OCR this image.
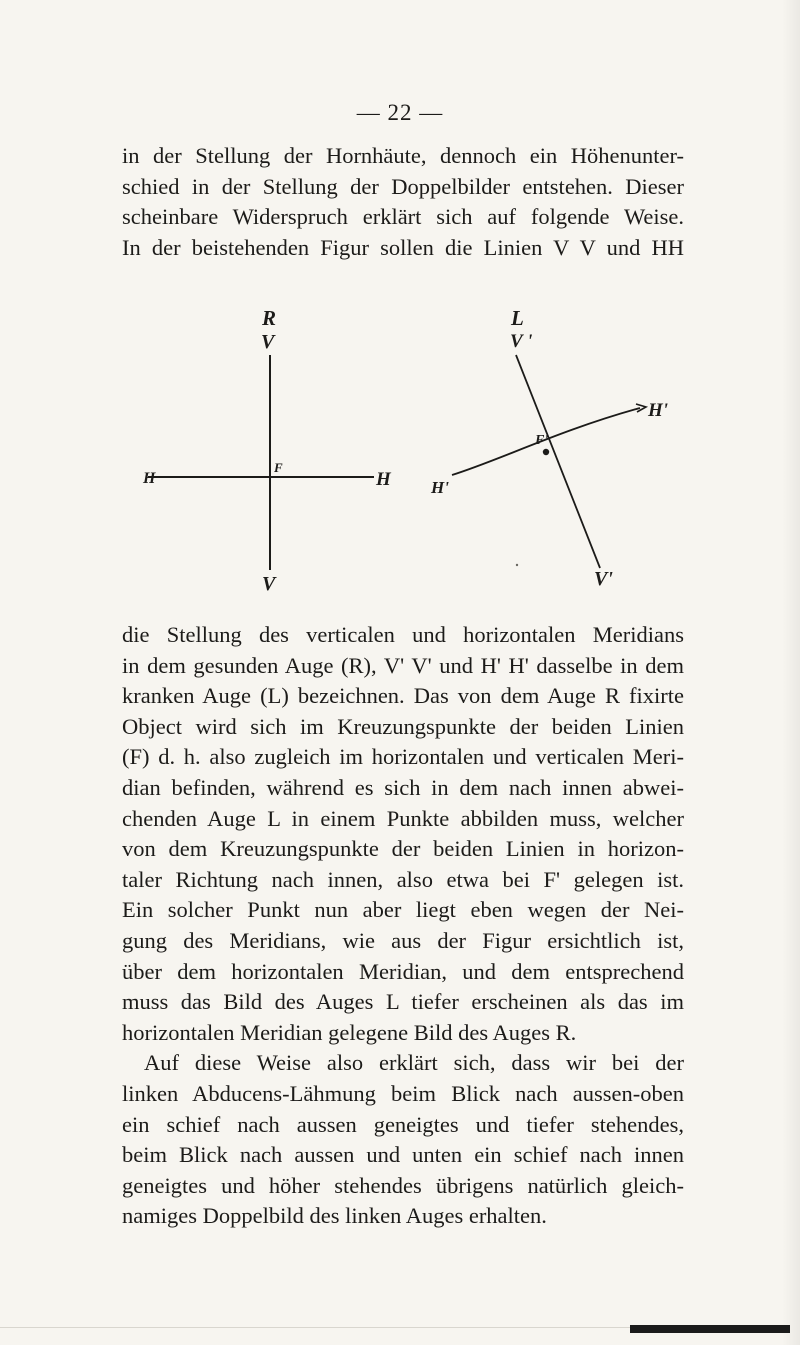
— 22 —
in der Stellung der Hornhäute, dennoch ein Höhenunter-
schied in der Stellung der Doppelbilder entstehen. Dieser
scheinbare Widerspruch erklärt sich auf folgende Weise.
In der beistehenden Figur sollen die Linien V V und HH
R
V
H	H
F
V
L
V '
H'
H'
F'
V'
die Stellung des verticalen und horizontalen Meridians
in dem gesunden Auge (R), V' V' und H' H' dasselbe in dem
kranken Auge (L) bezeichnen. Das von dem Auge R fixirte
Object wird sich im Kreuzungspunkte der beiden Linien
(F) d. h. also zugleich im horizontalen und verticalen Meri-
dian befinden, während es sich in dem nach innen abwei-
chenden Auge L in einem Punkte abbilden muss, welcher
von dem Kreuzungspunkte der beiden Linien in horizon-
taler Richtung nach innen, also etwa bei F' gelegen ist.
Ein solcher Punkt nun aber liegt eben wegen der Nei-
gung des Meridians, wie aus der Figur ersichtlich ist,
über dem horizontalen Meridian, und dem entsprechend
muss das Bild des Auges L tiefer erscheinen als das im
horizontalen Meridian gelegene Bild des Auges R.
Auf diese Weise also erklärt sich, dass wir bei der
linken Abducens-Lähmung beim Blick nach aussen-oben
ein schief nach aussen geneigtes und tiefer stehendes,
beim Blick nach aussen und unten ein schief nach innen
geneigtes und höher stehendes übrigens natürlich gleich-
namiges Doppelbild des linken Auges erhalten.
